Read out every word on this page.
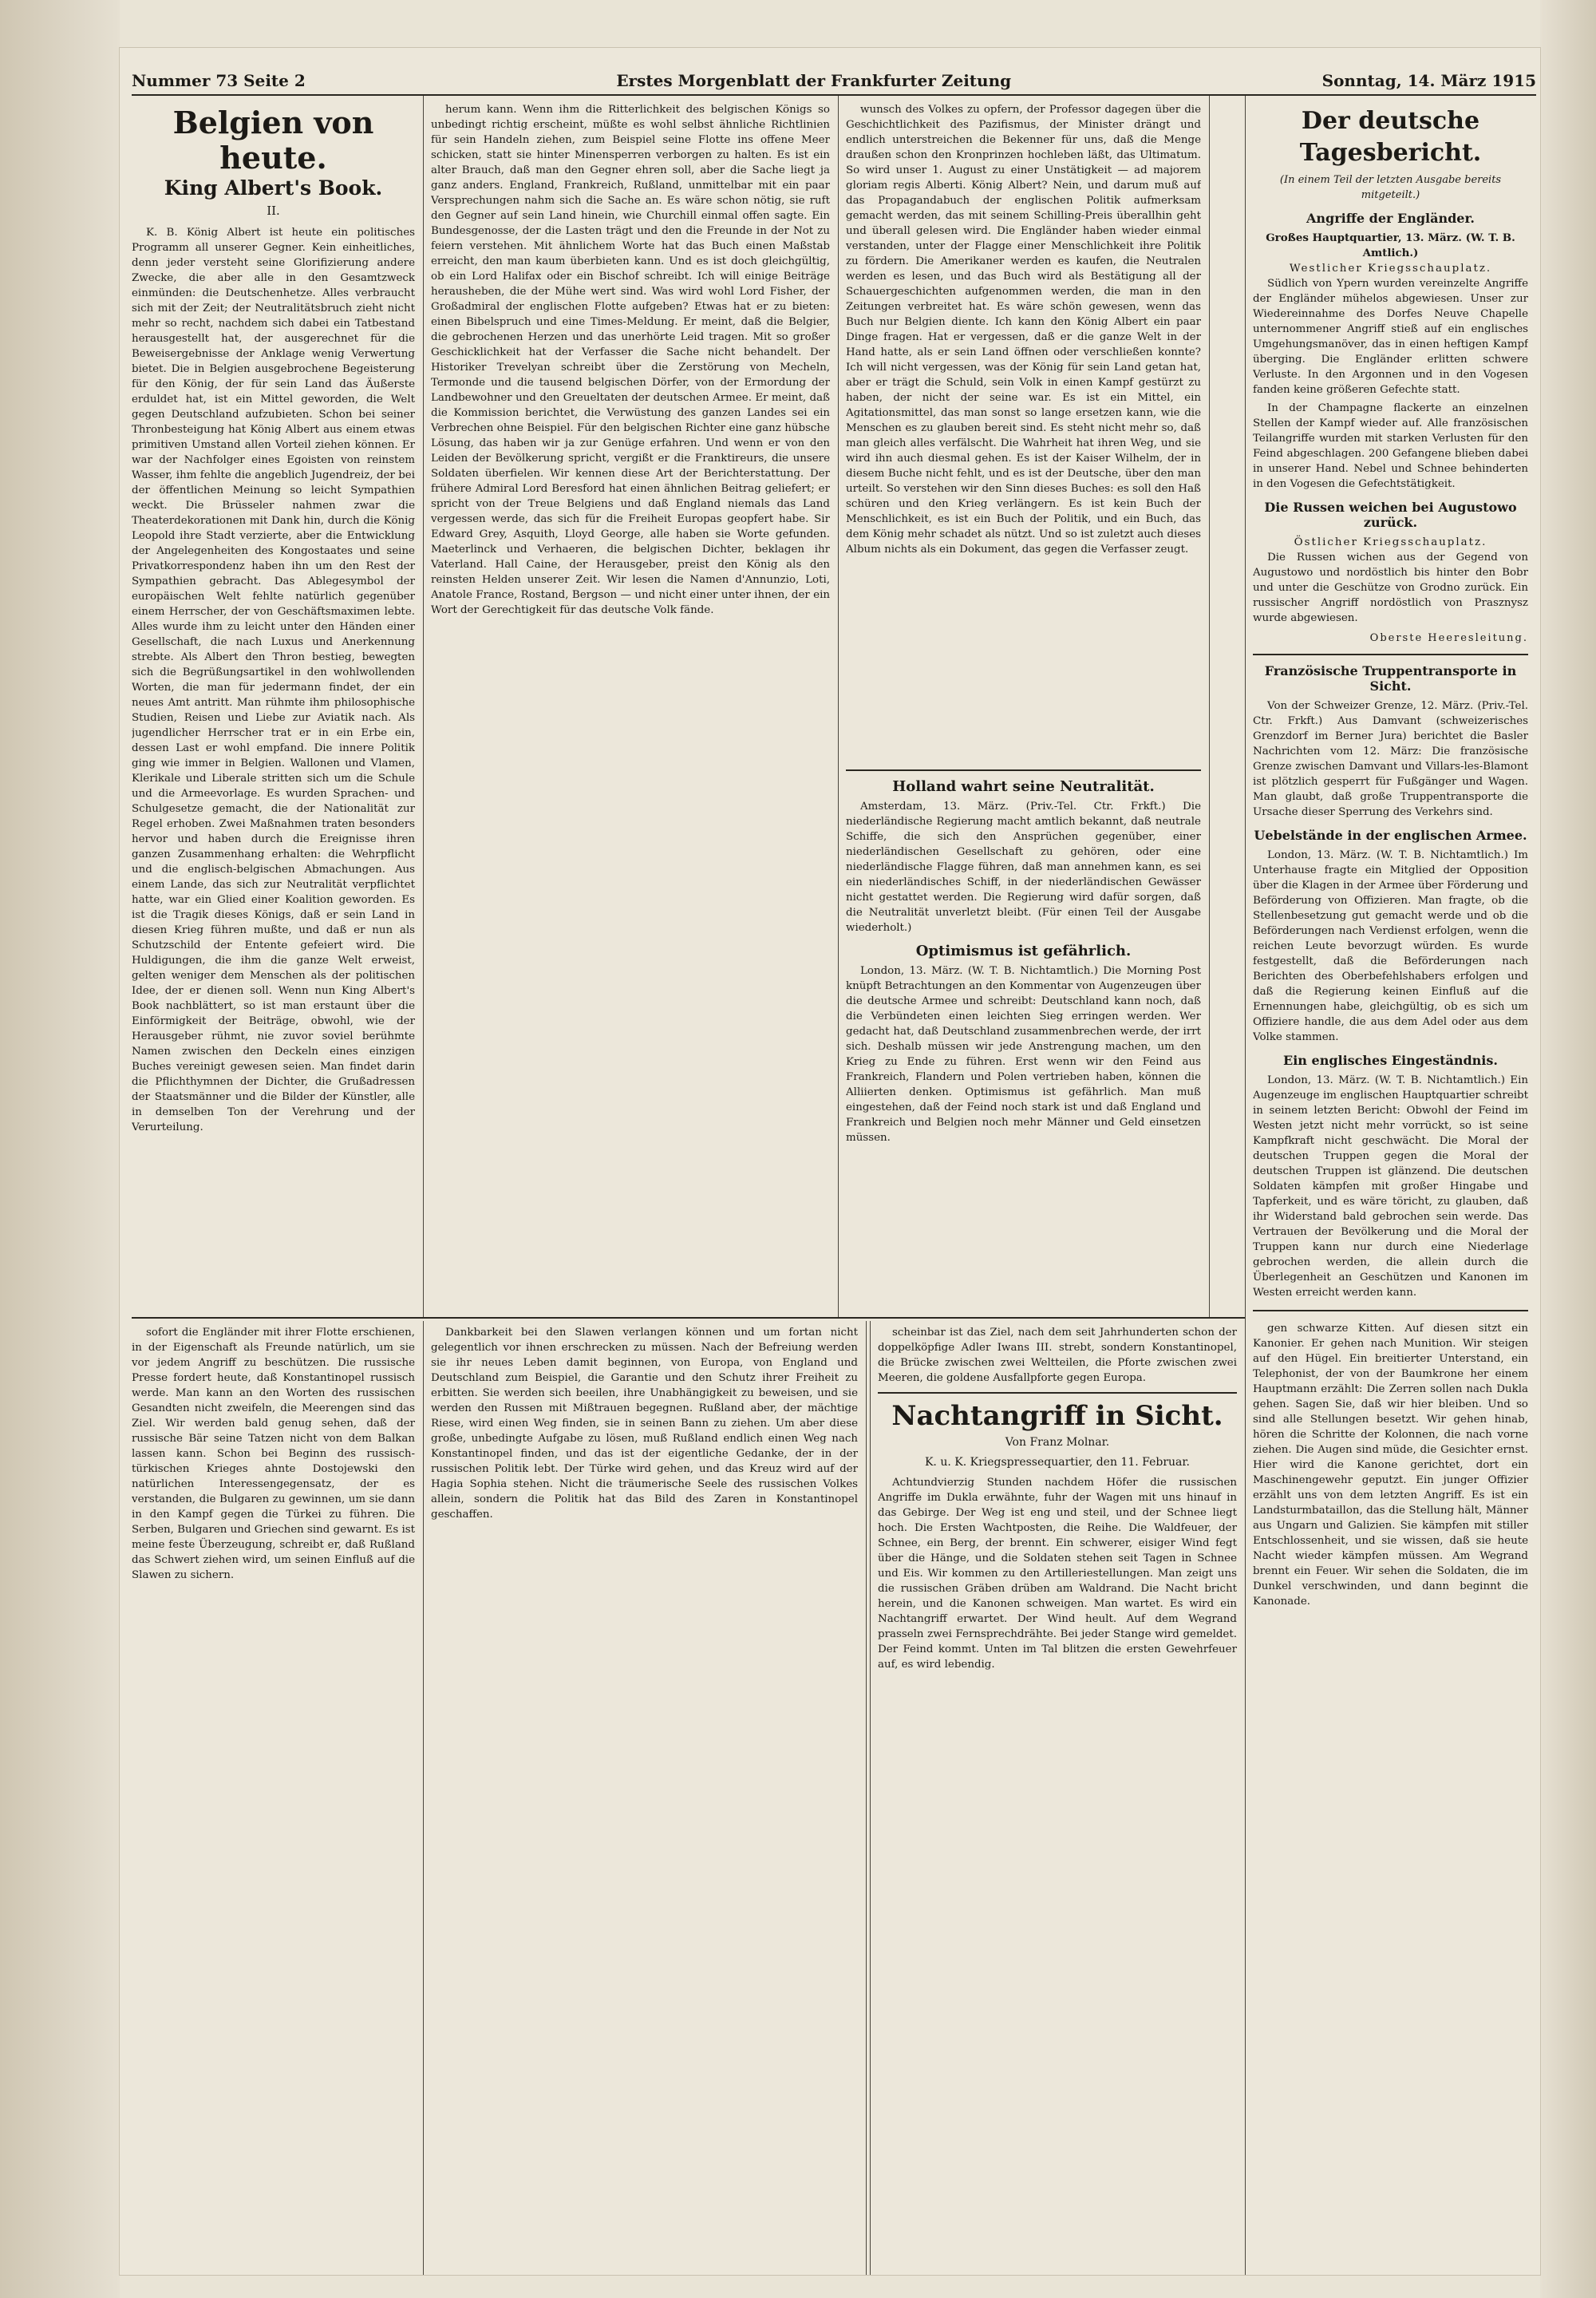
Nummer 73 Seite 2	Erstes Morgenblatt der Frankfurter Zeitung	Sonntag, 14. März 1915
Belgien von heute.
King Albert's Book.
II.

K. B. König Albert ist heute ein politisches Programm all unserer Gegner. Kein einheitliches, denn jeder versteht seine Glorifizierung andere Zwecke, die aber alle in den Gesamtzweck einmünden: die Deutschenhetze. Alles verbraucht sich mit der Zeit; der Neutralitätsbruch zieht nicht mehr so recht, nachdem sich dabei ein Tatbestand herausgestellt hat, der ausgerechnet für die Beweisergebnisse der Anklage wenig Verwertung bietet. Die in Belgien ausgebrochene Begeisterung für den König, der für sein Land das Äußerste erduldet hat, ist ein Mittel geworden, die Welt gegen Deutschland aufzubieten. Schon bei seiner Thronbesteigung hat König Albert aus einem etwas primitiven Umstand allen Vorteil ziehen können. Er war der Nachfolger eines Egoisten von reinstem Wasser, ihm fehlte die angeblich Jugendreiz, der bei der öffentlichen Meinung so leicht Sympathien weckt. Die Brüsseler nahmen zwar die Theaterdekorationen mit Dank hin, durch die König Leopold ihre Stadt verzierte, aber die Entwicklung der Angelegenheiten des Kongostaates und seine Privatkorrespondenz haben ihn um den Rest der Sympathien gebracht. Das Ablegesymbol der europäischen Welt fehlte natürlich gegenüber einem Herrscher, der von Geschäftsmaximen lebte. Alles wurde ihm zu leicht unter den Händen einer Gesellschaft, die nach Luxus und Anerkennung strebte. Als Albert den Thron bestieg, bewegten sich die Begrüßungsartikel in den wohlwollenden Worten, die man für jedermann findet, der ein neues Amt antritt. Man rühmte ihm philosophische Studien, Reisen und Liebe zur Aviatik nach. Als jugendlicher Herrscher trat er in ein Erbe ein, dessen Last er wohl empfand. Die innere Politik ging wie immer in Belgien. Wallonen und Vlamen, Klerikale und Liberale stritten sich um die Schule und die Armeevorlage. Es wurden Sprachen- und Schulgesetze gemacht, die der Nationalität zur Regel erhoben. Zwei Maßnahmen traten besonders hervor und haben durch die Ereignisse ihren ganzen Zusammenhang erhalten: die Wehrpflicht und die englisch-belgischen Abmachungen. Aus einem Lande, das sich zur Neutralität verpflichtet hatte, war ein Glied einer Koalition geworden. Es ist die Tragik dieses Königs, daß er sein Land in diesen Krieg führen mußte, und daß er nun als Schutzschild der Entente gefeiert wird. Die Huldigungen, die ihm die ganze Welt erweist, gelten weniger dem Menschen als der politischen Idee, der er dienen soll. Wenn nun King Albert's Book nachblättert, so ist man erstaunt über die Einförmigkeit der Beiträge, obwohl, wie der Herausgeber rühmt, nie zuvor soviel berühmte Namen zwischen den Deckeln eines einzigen Buches vereinigt gewesen seien. Man findet darin die Pflichthymnen der Dichter, die Grußadressen der Staatsmänner und die Bilder der Künstler, alle in demselben Ton der Verehrung und der Verurteilung.

herum kann. Wenn ihm die Ritterlichkeit des belgischen Königs so unbedingt richtig erscheint, müßte es wohl selbst ähnliche Richtlinien für sein Handeln ziehen, zum Beispiel seine Flotte ins offene Meer schicken, statt sie hinter Minensperren verborgen zu halten. Es ist ein alter Brauch, daß man den Gegner ehren soll, aber die Sache liegt ja ganz anders. England, Frankreich, Rußland, unmittelbar mit ein paar Versprechungen nahm sich die Sache an. Es wäre schon nötig, sie ruft den Gegner auf sein Land hinein, wie Churchill einmal offen sagte. Ein Bundesgenosse, der die Lasten trägt und den die Freunde in der Not zu feiern verstehen. Mit ähnlichem Worte hat das Buch einen Maßstab erreicht, den man kaum überbieten kann. Und es ist doch gleichgültig, ob ein Lord Halifax oder ein Bischof schreibt. Ich will einige Beiträge herausheben, die der Mühe wert sind. Was wird wohl Lord Fisher, der Großadmiral der englischen Flotte aufgeben? Etwas hat er zu bieten: einen Bibelspruch und eine Times-Meldung. Er meint, daß die Belgier, die gebrochenen Herzen und das unerhörte Leid tragen. Mit so großer Geschicklichkeit hat der Verfasser die Sache nicht behandelt. Der Historiker Trevelyan schreibt über die Zerstörung von Mecheln, Termonde und die tausend belgischen Dörfer, von der Ermordung der Landbewohner und den Greueltaten der deutschen Armee. Er meint, daß die Kommission berichtet, die Verwüstung des ganzen Landes sei ein Verbrechen ohne Beispiel. Für den belgischen Richter eine ganz hübsche Lösung, das haben wir ja zur Genüge erfahren. Und wenn er von den Leiden der Bevölkerung spricht, vergißt er die Franktireurs, die unsere Soldaten überfielen. Wir kennen diese Art der Berichterstattung. Der frühere Admiral Lord Beresford hat einen ähnlichen Beitrag geliefert; er spricht von der Treue Belgiens und daß England niemals das Land vergessen werde, das sich für die Freiheit Europas geopfert habe. Sir Edward Grey, Asquith, Lloyd George, alle haben sie Worte gefunden. Maeterlinck und Verhaeren, die belgischen Dichter, beklagen ihr Vaterland. Hall Caine, der Herausgeber, preist den König als den reinsten Helden unserer Zeit. Wir lesen die Namen d'Annunzio, Loti, Anatole France, Rostand, Bergson — und nicht einer unter ihnen, der ein Wort der Gerechtigkeit für das deutsche Volk fände.

wunsch des Volkes zu opfern, der Professor dagegen über die Geschichtlichkeit des Pazifismus, der Minister drängt und endlich unterstreichen die Bekenner für uns, daß die Menge draußen schon den Kronprinzen hochleben läßt, das Ultimatum. So wird unser 1. August zu einer Unstätigkeit — ad majorem gloriam regis Alberti. König Albert? Nein, und darum muß auf das Propagandabuch der englischen Politik aufmerksam gemacht werden, das mit seinem Schilling-Preis überallhin geht und überall gelesen wird. Die Engländer haben wieder einmal verstanden, unter der Flagge einer Menschlichkeit ihre Politik zu fördern. Die Amerikaner werden es kaufen, die Neutralen werden es lesen, und das Buch wird als Bestätigung all der Schauergeschichten aufgenommen werden, die man in den Zeitungen verbreitet hat. Es wäre schön gewesen, wenn das Buch nur Belgien diente. Ich kann den König Albert ein paar Dinge fragen. Hat er vergessen, daß er die ganze Welt in der Hand hatte, als er sein Land öffnen oder verschließen konnte? Ich will nicht vergessen, was der König für sein Land getan hat, aber er trägt die Schuld, sein Volk in einen Kampf gestürzt zu haben, der nicht der seine war. Es ist ein Mittel, ein Agitationsmittel, das man sonst so lange ersetzen kann, wie die Menschen es zu glauben bereit sind. Es steht nicht mehr so, daß man gleich alles verfälscht. Die Wahrheit hat ihren Weg, und sie wird ihn auch diesmal gehen. Es ist der Kaiser Wilhelm, der in diesem Buche nicht fehlt, und es ist der Deutsche, über den man urteilt. So verstehen wir den Sinn dieses Buches: es soll den Haß schüren und den Krieg verlängern. Es ist kein Buch der Menschlichkeit, es ist ein Buch der Politik, und ein Buch, das dem König mehr schadet als nützt. Und so ist zuletzt auch dieses Album nichts als ein Dokument, das gegen die Verfasser zeugt.

Holland wahrt seine Neutralität.

Amsterdam, 13. März. (Priv.-Tel. Ctr. Frkft.) Die niederländische Regierung macht amtlich bekannt, daß neutrale Schiffe, die sich den Ansprüchen gegenüber, einer niederländischen Gesellschaft zu gehören, oder eine niederländische Flagge führen, daß man annehmen kann, es sei ein niederländisches Schiff, in der niederländischen Gewässer nicht gestattet werden. Die Regierung wird dafür sorgen, daß die Neutralität unverletzt bleibt. (Für einen Teil der Ausgabe wiederholt.)

Optimismus ist gefährlich.

London, 13. März. (W. T. B. Nichtamtlich.) Die Morning Post knüpft Betrachtungen an den Kommentar von Augenzeugen über die deutsche Armee und schreibt: Deutschland kann noch, daß die Verbündeten einen leichten Sieg erringen werden. Wer gedacht hat, daß Deutschland zusammenbrechen werde, der irrt sich. Deshalb müssen wir jede Anstrengung machen, um den Krieg zu Ende zu führen. Erst wenn wir den Feind aus Frankreich, Flandern und Polen vertrieben haben, können die Alliierten denken. Optimismus ist gefährlich. Man muß eingestehen, daß der Feind noch stark ist und daß England und Frankreich und Belgien noch mehr Männer und Geld einsetzen müssen.

Der deutsche Tagesbericht.
(In einem Teil der letzten Ausgabe bereits mitgeteilt.)
Angriffe der Engländer.
Großes Hauptquartier, 13. März. (W. T. B. Amtlich.)
Westlicher Kriegsschauplatz.

Südlich von Ypern wurden vereinzelte Angriffe der Engländer mühelos abgewiesen. Unser zur Wiedereinnahme des Dorfes Neuve Chapelle unternommener Angriff stieß auf ein englisches Umgehungsmanöver, das in einen heftigen Kampf überging. Die Engländer erlitten schwere Verluste. In den Argonnen und in den Vogesen fanden keine größeren Gefechte statt.

In der Champagne flackerte an einzelnen Stellen der Kampf wieder auf. Alle französischen Teilangriffe wurden mit starken Verlusten für den Feind abgeschlagen. 200 Gefangene blieben dabei in unserer Hand. Nebel und Schnee behinderten in den Vogesen die Gefechtstätigkeit.

Die Russen weichen bei Augustowo zurück.
Östlicher Kriegsschauplatz.

Die Russen wichen aus der Gegend von Augustowo und nordöstlich bis hinter den Bobr und unter die Geschütze von Grodno zurück. Ein russischer Angriff nordöstlich von Prasznysz wurde abgewiesen.

Oberste Heeresleitung.
Französische Truppentransporte in Sicht.

Von der Schweizer Grenze, 12. März. (Priv.-Tel. Ctr. Frkft.) Aus Damvant (schweizerisches Grenzdorf im Berner Jura) berichtet die Basler Nachrichten vom 12. März: Die französische Grenze zwischen Damvant und Villars-les-Blamont ist plötzlich gesperrt für Fußgänger und Wagen. Man glaubt, daß große Truppentransporte die Ursache dieser Sperrung des Verkehrs sind.

Uebelstände in der englischen Armee.

London, 13. März. (W. T. B. Nichtamtlich.) Im Unterhause fragte ein Mitglied der Opposition über die Klagen in der Armee über Förderung und Beförderung von Offizieren. Man fragte, ob die Stellenbesetzung gut gemacht werde und ob die Beförderungen nach Verdienst erfolgen, wenn die reichen Leute bevorzugt würden. Es wurde festgestellt, daß die Beförderungen nach Berichten des Oberbefehlshabers erfolgen und daß die Regierung keinen Einfluß auf die Ernennungen habe, gleichgültig, ob es sich um Offiziere handle, die aus dem Adel oder aus dem Volke stammen.

Ein englisches Eingeständnis.

London, 13. März. (W. T. B. Nichtamtlich.) Ein Augenzeuge im englischen Hauptquartier schreibt in seinem letzten Bericht: Obwohl der Feind im Westen jetzt nicht mehr vorrückt, so ist seine Kampfkraft nicht geschwächt. Die Moral der deutschen Truppen gegen die Moral der deutschen Truppen ist glänzend. Die deutschen Soldaten kämpfen mit großer Hingabe und Tapferkeit, und es wäre töricht, zu glauben, daß ihr Widerstand bald gebrochen sein werde. Das Vertrauen der Bevölkerung und die Moral der Truppen kann nur durch eine Niederlage gebrochen werden, die allein durch die Überlegenheit an Geschützen und Kanonen im Westen erreicht werden kann.

gen schwarze Kitten. Auf diesen sitzt ein Kanonier. Er gehen nach Munition. Wir steigen auf den Hügel. Ein breitierter Unterstand, ein Telephonist, der von der Baumkrone her einem Hauptmann erzählt: Die Zerren sollen nach Dukla gehen. Sagen Sie, daß wir hier bleiben. Und so sind alle Stellungen besetzt. Wir gehen hinab, hören die Schritte der Kolonnen, die nach vorne ziehen. Die Augen sind müde, die Gesichter ernst. Hier wird die Kanone gerichtet, dort ein Maschinengewehr geputzt. Ein junger Offizier erzählt uns von dem letzten Angriff. Es ist ein Landsturmbataillon, das die Stellung hält, Männer aus Ungarn und Galizien. Sie kämpfen mit stiller Entschlossenheit, und sie wissen, daß sie heute Nacht wieder kämpfen müssen. Am Wegrand brennt ein Feuer. Wir sehen die Soldaten, die im Dunkel verschwinden, und dann beginnt die Kanonade.

sofort die Engländer mit ihrer Flotte erschienen, in der Eigenschaft als Freunde natürlich, um sie vor jedem Angriff zu beschützen. Die russische Presse fordert heute, daß Konstantinopel russisch werde. Man kann an den Worten des russischen Gesandten nicht zweifeln, die Meerengen sind das Ziel. Wir werden bald genug sehen, daß der russische Bär seine Tatzen nicht von dem Balkan lassen kann. Schon bei Beginn des russisch-türkischen Krieges ahnte Dostojewski den natürlichen Interessengegensatz, der es verstanden, die Bulgaren zu gewinnen, um sie dann in den Kampf gegen die Türkei zu führen. Die Serben, Bulgaren und Griechen sind gewarnt. Es ist meine feste Überzeugung, schreibt er, daß Rußland das Schwert ziehen wird, um seinen Einfluß auf die Slawen zu sichern.

Dankbarkeit bei den Slawen verlangen können und um fortan nicht gelegentlich vor ihnen erschrecken zu müssen. Nach der Befreiung werden sie ihr neues Leben damit beginnen, von Europa, von England und Deutschland zum Beispiel, die Garantie und den Schutz ihrer Freiheit zu erbitten. Sie werden sich beeilen, ihre Unabhängigkeit zu beweisen, und sie werden den Russen mit Mißtrauen begegnen. Rußland aber, der mächtige Riese, wird einen Weg finden, sie in seinen Bann zu ziehen. Um aber diese große, unbedingte Aufgabe zu lösen, muß Rußland endlich einen Weg nach Konstantinopel finden, und das ist der eigentliche Gedanke, der in der russischen Politik lebt. Der Türke wird gehen, und das Kreuz wird auf der Hagia Sophia stehen. Nicht die träumerische Seele des russischen Volkes allein, sondern die Politik hat das Bild des Zaren in Konstantinopel geschaffen.

scheinbar ist das Ziel, nach dem seit Jahrhunderten schon der doppelköpfige Adler Iwans III. strebt, sondern Konstantinopel, die Brücke zwischen zwei Weltteilen, die Pforte zwischen zwei Meeren, die goldene Ausfallpforte gegen Europa.

Nachtangriff in Sicht.
Von Franz Molnar.
K. u. K. Kriegspressequartier, den 11. Februar.

Achtundvierzig Stunden nachdem Höfer die russischen Angriffe im Dukla erwähnte, fuhr der Wagen mit uns hinauf in das Gebirge. Der Weg ist eng und steil, und der Schnee liegt hoch. Die Ersten Wachtposten, die Reihe. Die Waldfeuer, der Schnee, ein Berg, der brennt. Ein schwerer, eisiger Wind fegt über die Hänge, und die Soldaten stehen seit Tagen in Schnee und Eis. Wir kommen zu den Artilleriestellungen. Man zeigt uns die russischen Gräben drüben am Waldrand. Die Nacht bricht herein, und die Kanonen schweigen. Man wartet. Es wird ein Nachtangriff erwartet. Der Wind heult. Auf dem Wegrand prasseln zwei Fernsprechdrähte. Bei jeder Stange wird gemeldet. Der Feind kommt. Unten im Tal blitzen die ersten Gewehrfeuer auf, es wird lebendig.
